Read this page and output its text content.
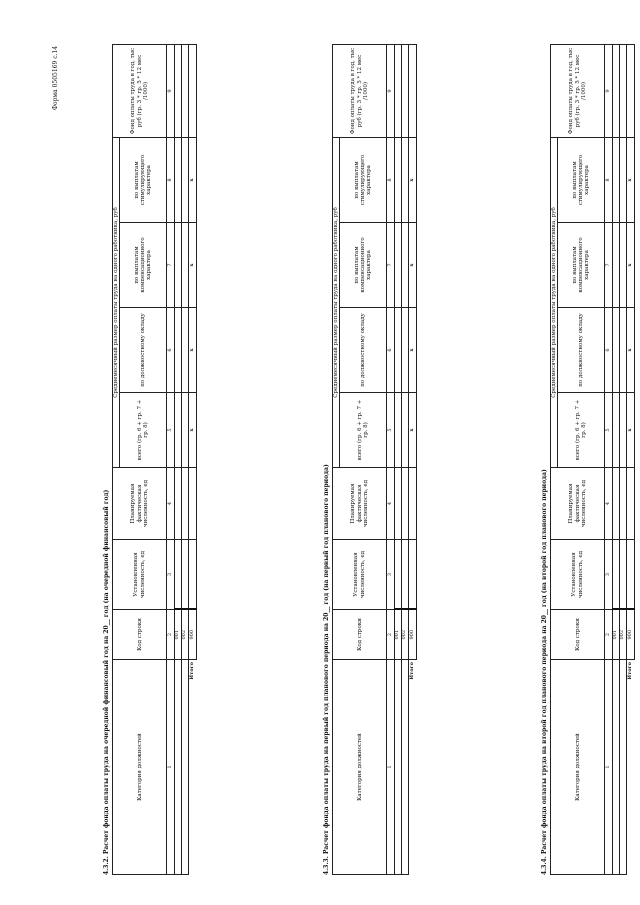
Форма 0505169 с.14
4.3.2. Расчет фонда оплаты труда на очередной финансовый год на 20__ год (на очередной финансовый год)	Категория должностей	Код строки	Установленная численность, ед	Планируемая фактическая численность, ед	Среднемесячный размер оплаты труда на одного работника, руб				Фонд оплаты труда в год, тыс руб (гр. 3 * гр. 5 * 12 мес /1000)
				всего (гр. 6 + гр. 7 + гр. 8)	по должностному окладу	по выплатам компенсационного характера	по выплатам стимулирующего характера	
1	2	3	4	5	6	7	8	9
	001							
	002							
Итого	900			x	x	x	x	
4.3.3. Расчет фонда оплаты труда на первый год планового периода на 20__ год (на первый год планового периода)	Категория должностей	Код строки	Установленная численность, ед	Планируемая фактическая численность, ед	Среднемесячный размер оплаты труда на одного работника, руб				Фонд оплаты труда в год, тыс руб (гр. 3 * гр. 5 * 12 мес /1000)
				всего (гр. 6 + гр. 7 + гр. 8)	по должностному окладу	по выплатам компенсационного характера	по выплатам стимулирующего характера	
1	2	3	4	5	6	7	8	9
	001							
	002							
Итого	900			x	x	x	x	
4.3.4. Расчет фонда оплаты труда на второй год планового периода на 20__ год (на второй год планового периода)	Категория должностей	Код строки	Установленная численность, ед	Планируемая фактическая численность, ед	Среднемесячный размер оплаты труда на одного работника, руб				Фонд оплаты труда в год, тыс руб (гр. 3 * гр. 5 * 12 мес /1000)
				всего (гр. 6 + гр. 7 + гр. 8)	по должностному окладу	по выплатам компенсационного характера	по выплатам стимулирующего характера	
1	2	3	4	5	6	7	8	9
	001							
	002							
Итого	900			x	x	x	x	
